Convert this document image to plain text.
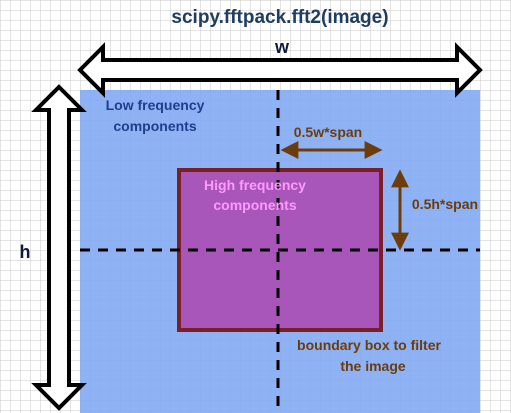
scipy.fftpack.fft2(image)
w
h
Low frequency
components
High frequency
components
0.5w*span
0.5h*span
boundary box to filter
the image
